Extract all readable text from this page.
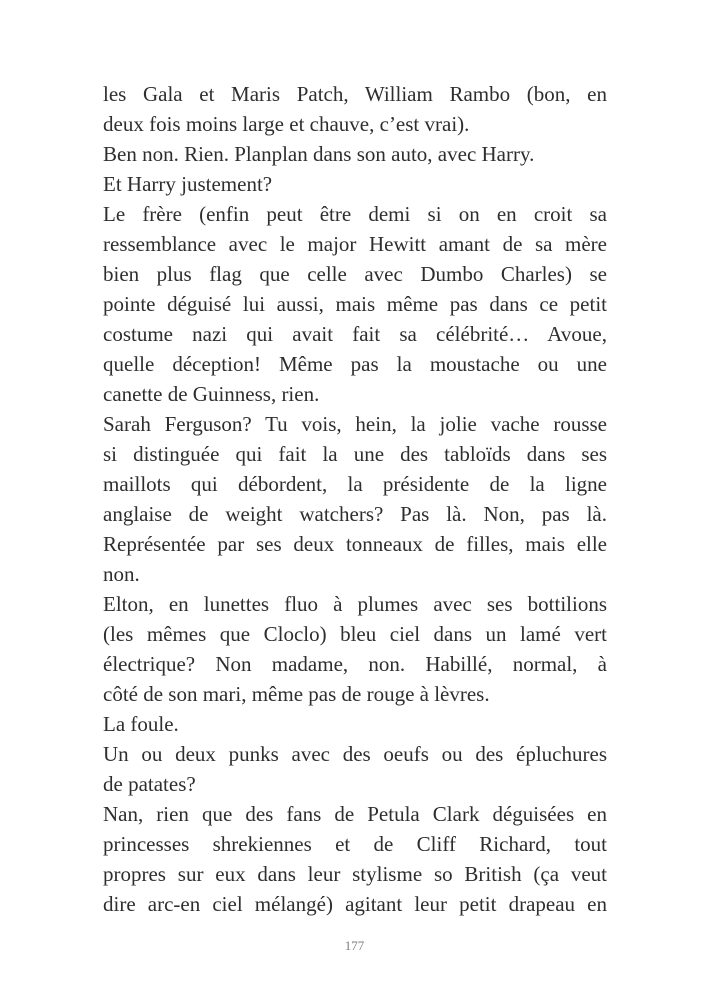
les Gala et Maris Patch, William Rambo (bon, en
deux fois moins large et chauve, c’est vrai).
Ben non. Rien. Planplan dans son auto, avec Harry.
Et Harry justement?
Le frère (enfin peut être demi si on en croit sa
ressemblance avec le major Hewitt amant de sa mère
bien plus flag que celle avec Dumbo Charles) se
pointe déguisé lui aussi, mais même pas dans ce petit
costume nazi qui avait fait sa célébrité… Avoue,
quelle déception! Même pas la moustache ou une
canette de Guinness, rien.
Sarah Ferguson? Tu vois, hein, la jolie vache rousse
si distinguée qui fait la une des tabloïds dans ses
maillots qui débordent, la présidente de la ligne
anglaise de weight watchers? Pas là. Non, pas là.
Représentée par ses deux tonneaux de filles, mais elle
non.
Elton, en lunettes fluo à plumes avec ses bottilions
(les mêmes que Cloclo) bleu ciel dans un lamé vert
électrique? Non madame, non. Habillé, normal, à
côté de son mari, même pas de rouge à lèvres.
La foule.
Un ou deux punks avec des oeufs ou des épluchures
de patates?
Nan, rien que des fans de Petula Clark déguisées en
princesses shrekiennes et de Cliff Richard, tout
propres sur eux dans leur stylisme so British (ça veut
dire arc-en ciel mélangé) agitant leur petit drapeau en
177
